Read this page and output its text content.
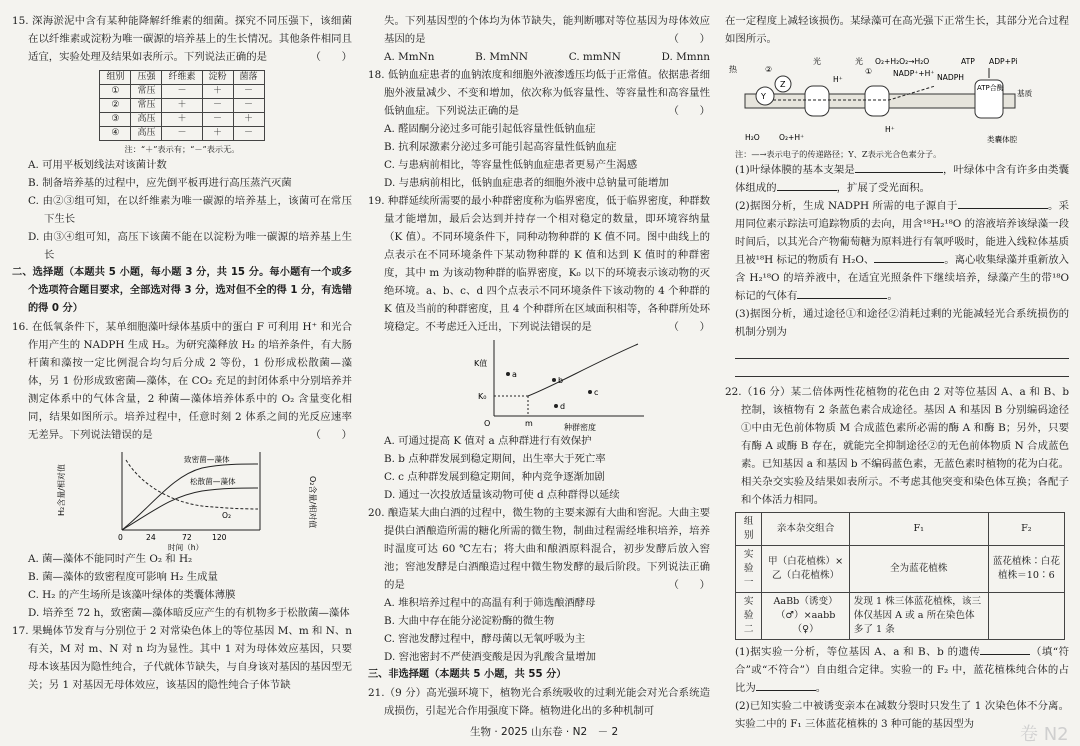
15. 深海淤泥中含有某种能降解纤维素的细菌。探究不同压强下，该细菌在以纤维素或淀粉为唯一碳源的培养基上的生长情况。其他条件相同且适宜，实验处理及结果如表所示。下列说法正确的是	（　　）

组别	压强	纤维素	淀粉	菌落
①	常压	－	＋	－
②	常压	＋	－	－
③	高压	＋	－	＋
④	高压	－	＋	－

注：“＋”表示有；“－”表示无。

A. 可用平板划线法对该菌计数

B. 制备培养基的过程中，应先倒平板再进行高压蒸汽灭菌

C. 由②③组可知，在以纤维素为唯一碳源的培养基上，该菌可在常压下生长

D. 由③④组可知，高压下该菌不能在以淀粉为唯一碳源的培养基上生长

二、选择题（本题共 5 小题，每小题 3 分，共 15 分。每小题有一个或多个选项符合题目要求，全部选对得 3 分，选对但不全的得 1 分，有选错的得 0 分）

16. 在低氧条件下，某单细胞藻叶绿体基质中的蛋白 F 可利用 H⁺ 和光合作用产生的 NADPH 生成 H₂。为研究藻释放 H₂ 的培养条件，有大肠杆菌和藻按一定比例混合均匀后分成 2 等份，1 份形成松散菌—藻体，另 1 份形成致密菌—藻体，在 CO₂ 充足的封闭体系中分别培养并测定体系中的气体含量，2 种菌—藻体培养体系中的 O₂ 含量变化相同，结果如图所示。培养过程中，任意时刻 2 体系之间的光反应速率无差异。下列说法错误的是	（　　）

H₂含量/相对值	O₂含量/相对值
致密菌—藻体
松散菌—藻体
O₂
0	24	72	120
时间（h）

A. 菌—藻体不能同时产生 O₂ 和 H₂

B. 菌—藻体的致密程度可影响 H₂ 生成量

C. H₂ 的产生场所是该藻叶绿体的类囊体薄膜

D. 培养至 72 h，致密菌—藻体暗反应产生的有机物多于松散菌—藻体

17. 果蝇体节发育与分别位于 2 对常染色体上的等位基因 M、m 和 N、n 有关，M 对 m、N 对 n 均为显性。其中 1 对为母体效应基因，只要母本该基因为隐性纯合，子代就体节缺失，与自身该对基因的基因型无关；另 1 对基因无母体效应，该基因的隐性纯合子体节缺

失。下列基因型的个体均为体节缺失，能判断哪对等位基因为母体效应基因的是	（　　）

A. MmNn	B. MmNN	C. mmNN	D. Mmnn

18. 低钠血症患者的血钠浓度和细胞外液渗透压均低于正常值。依据患者细胞外液量减少、不变和增加，依次称为低容量性、等容量性和高容量性低钠血症。下列说法正确的是	（　　）

A. 醛固酮分泌过多可能引起低容量性低钠血症

B. 抗利尿激素分泌过多可能引起高容量性低钠血症

C. 与患病前相比，等容量性低钠血症患者更易产生渴感

D. 与患病前相比，低钠血症患者的细胞外液中总钠量可能增加

19. 种群延续所需要的最小种群密度称为临界密度，低于临界密度，种群数量才能增加，最后会达到并持存一个相对稳定的数量，即环境容纳量（K 值）。不同环境条件下，同种动物种群的 K 值不同。图中曲线上的点表示在不同环境条件下某动物种群的 K 值和达到 K 值时的种群密度，其中 m 为该动物种群的临界密度，K₀ 以下的环境表示该动物的灭绝环境。a、b、c、d 四个点表示不同环境条件下该动物的 4 个种群的 K 值及当前的种群密度，且 4 个种群所在区域面积相等，各种群所处环境稳定。不考虑迁入迁出，下列说法错误的是	（　　）

K值
K₀
m
O
a
b
c
d
种群密度

A. 可通过提高 K 值对 a 点种群进行有效保护

B. b 点种群发展到稳定期间，出生率大于死亡率

C. c 点种群发展到稳定期间，种内竞争逐渐加剧

D. 通过一次投放适量该动物可使 d 点种群得以延续

20. 酿造某大曲白酒的过程中，微生物的主要来源有大曲和窖泥。大曲主要提供白酒酿造所需的糖化所需的微生物，制曲过程需经堆积培养，培养时温度可达 60 ℃左右；将大曲和酿酒原料混合，初步发酵后放入窖池；窖池发酵是白酒酿造过程中微生物发酵的最后阶段。下列说法正确的是	（　　）

A. 堆积培养过程中的高温有利于筛选酿酒酵母

B. 大曲中存在能分泌淀粉酶的微生物

C. 窖池发酵过程中，酵母菌以无氧呼吸为主

D. 窖池密封不严使酒变酸是因为乳酸含量增加

三、非选择题（本题共 5 小题，共 55 分）

21.（9 分）高光强环境下，植物光合系统吸收的过剩光能会对光合系统造成损伤，引起光合作用强度下降。植物进化出的多种机制可

在一定程度上减轻该损伤。某绿藻可在高光强下正常生长，其部分光合过程如图所示。

Y
Z
热
光	光
①
②
O₂+H₂O₂→H₂O
NADP⁺+H⁺ NADPH
ATP ADP+Pi
ATP合酶
基质
类囊体腔
H₂O	O₂+H⁺
H⁺
H⁺

注：—→表示电子的传递路径；Y、Z表示光合色素分子。

(1)叶绿体膜的基本支架是	，叶绿体中含有许多由类囊体组成的	，扩展了受光面积。

(2)据图分析，生成 NADPH 所需的电子源自于	。采用同位素示踪法可追踪物质的去向，用含¹⁸H₂¹⁸O 的溶液培养该绿藻一段时间后，以其光合产物葡萄糖为原料进行有氧呼吸时，能进入线粒体基质且被¹⁸H 标记的物质有 H₂O、	。离心收集绿藻并重新放入含 H₂¹⁸O 的培养液中，在适宜光照条件下继续培养，绿藻产生的带¹⁸O 标记的气体有	。

(3)据图分析，通过途径①和途径②消耗过剩的光能减轻光合系统损伤的机制分别为

22.（16 分）某二倍体两性花植物的花色由 2 对等位基因 A、a 和 B、b 控制，该植物有 2 条蓝色素合成途径。基因 A 和基因 B 分别编码途径①中由无色前体物质 M 合成蓝色素所必需的酶 A 和酶 B；另外，只要有酶 A 或酶 B 存在，就能完全抑制途径②的无色前体物质 N 合成蓝色素。已知基因 a 和基因 b 不编码蓝色素，无蓝色素时植物的花为白花。相关杂交实验及结果如表所示。不考虑其他突变和染色体互换；各配子和个体活力相同。

组别	亲本杂交组合	F₁	F₂
实验一	甲（白花植株）×乙（白花植株）	全为蓝花植株	蓝花植株∶白花植株＝10∶6
实验二	AaBb（诱变）（♂）×aabb（♀）	发现 1 株三体蓝花植株，该三体仅基因 A 或 a 所在染色体多了 1 条	

(1)据实验一分析，等位基因 A、a 和 B、b 的遗传	（填“符合”或“不符合”）自由组合定律。实验一的 F₂ 中，蓝花植株纯合体的占比为	。

(2)已知实验二中被诱变亲本在减数分裂时只发生了 1 次染色体不分离。实验二中的 F₁ 三体蓝花植株的 3 种可能的基因型为

生物 · 2025 山东卷 · N2　－ 2	卷 N2
